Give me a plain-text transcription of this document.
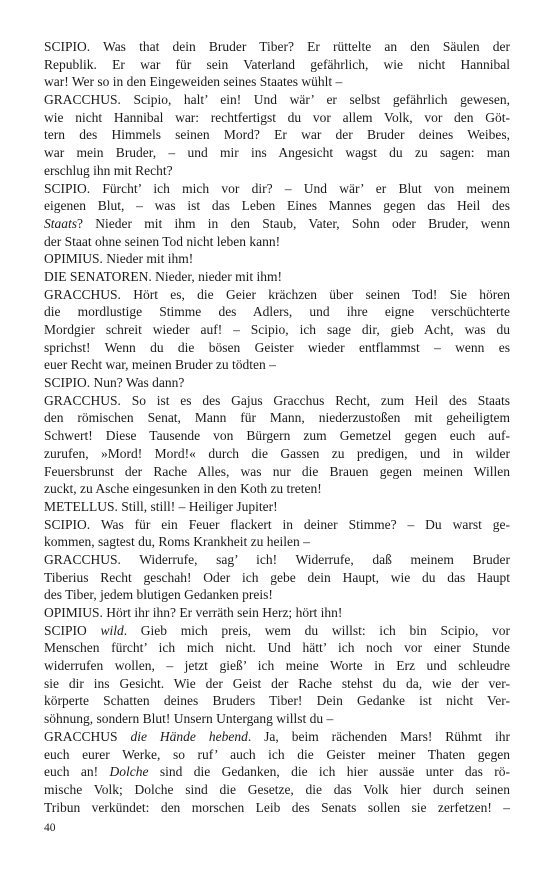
SCIPIO. Was that dein Bruder Tiber? Er rüttelte an den Säulen der
Republik. Er war für sein Vaterland gefährlich, wie nicht Hannibal
war! Wer so in den Eingeweiden seines Staates wühlt –
GRACCHUS. Scipio, halt’ ein! Und wär’ er selbst gefährlich gewesen,
wie nicht Hannibal war: rechtfertigst du vor allem Volk, vor den Göt-
tern des Himmels seinen Mord? Er war der Bruder deines Weibes,
war mein Bruder, – und mir ins Angesicht wagst du zu sagen: man
erschlug ihn mit Recht?
SCIPIO. Fürcht’ ich mich vor dir? – Und wär’ er Blut von meinem
eigenen Blut, – was ist das Leben Eines Mannes gegen das Heil des
Staats? Nieder mit ihm in den Staub, Vater, Sohn oder Bruder, wenn
der Staat ohne seinen Tod nicht leben kann!
OPIMIUS. Nieder mit ihm!
DIE SENATOREN. Nieder, nieder mit ihm!
GRACCHUS. Hört es, die Geier krächzen über seinen Tod! Sie hören
die mordlustige Stimme des Adlers, und ihre eigne verschüchterte
Mordgier schreit wieder auf! – Scipio, ich sage dir, gieb Acht, was du
sprichst! Wenn du die bösen Geister wieder entflammst – wenn es
euer Recht war, meinen Bruder zu tödten –
SCIPIO. Nun? Was dann?
GRACCHUS. So ist es des Gajus Gracchus Recht, zum Heil des Staats
den römischen Senat, Mann für Mann, niederzustoßen mit geheiligtem
Schwert! Diese Tausende von Bürgern zum Gemetzel gegen euch auf-
zurufen, »Mord! Mord!« durch die Gassen zu predigen, und in wilder
Feuersbrunst der Rache Alles, was nur die Brauen gegen meinen Willen
zuckt, zu Asche eingesunken in den Koth zu treten!
METELLUS. Still, still! – Heiliger Jupiter!
SCIPIO. Was für ein Feuer flackert in deiner Stimme? – Du warst ge-
kommen, sagtest du, Roms Krankheit zu heilen –
GRACCHUS. Widerrufe, sag’ ich! Widerrufe, daß meinem Bruder
Tiberius Recht geschah! Oder ich gebe dein Haupt, wie du das Haupt
des Tiber, jedem blutigen Gedanken preis!
OPIMIUS. Hört ihr ihn? Er verräth sein Herz; hört ihn!
SCIPIO wild. Gieb mich preis, wem du willst: ich bin Scipio, vor
Menschen fürcht’ ich mich nicht. Und hätt’ ich noch vor einer Stunde
widerrufen wollen, – jetzt gieß’ ich meine Worte in Erz und schleudre
sie dir ins Gesicht. Wie der Geist der Rache stehst du da, wie der ver-
körperte Schatten deines Bruders Tiber! Dein Gedanke ist nicht Ver-
söhnung, sondern Blut! Unsern Untergang willst du –
GRACCHUS die Hände hebend. Ja, beim rächenden Mars! Rühmt ihr
euch eurer Werke, so ruf’ auch ich die Geister meiner Thaten gegen
euch an! Dolche sind die Gedanken, die ich hier aussäe unter das rö-
mische Volk; Dolche sind die Gesetze, die das Volk hier durch seinen
Tribun verkündet: den morschen Leib des Senats sollen sie zerfetzen! –
40
